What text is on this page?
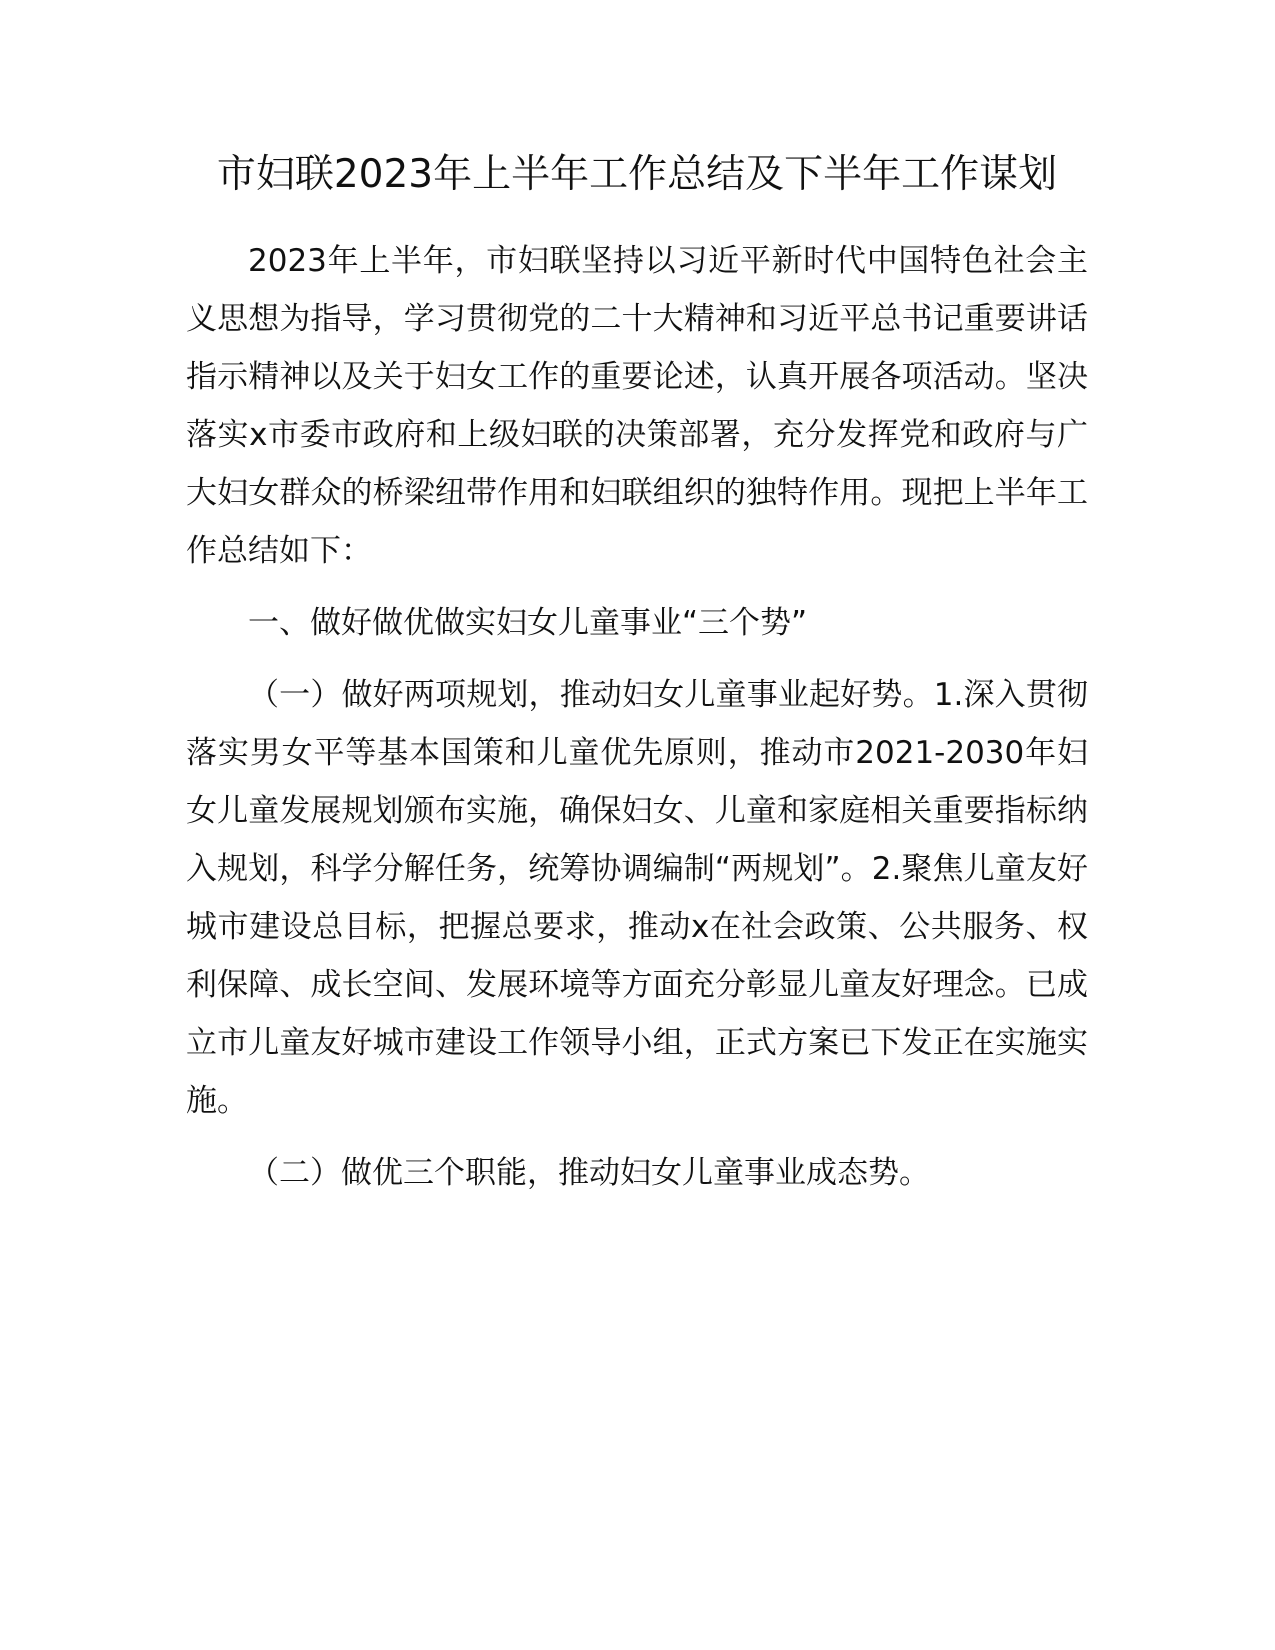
市妇联2023年上半年工作总结及下半年工作谋划

2023年上半年，市妇联坚持以习近平新时代中国特色社会主义思想为指导，学习贯彻党的二十大精神和习近平总书记重要讲话指示精神以及关于妇女工作的重要论述，认真开展各项活动。坚决落实x市委市政府和上级妇联的决策部署，充分发挥党和政府与广大妇女群众的桥梁纽带作用和妇联组织的独特作用。现把上半年工作总结如下：

一、做好做优做实妇女儿童事业“三个势”

（一）做好两项规划，推动妇女儿童事业起好势。1.深入贯彻落实男女平等基本国策和儿童优先原则，推动市2021-2030年妇女儿童发展规划颁布实施，确保妇女、儿童和家庭相关重要指标纳入规划，科学分解任务，统筹协调编制“两规划”。2.聚焦儿童友好城市建设总目标，把握总要求，推动x在社会政策、公共服务、权利保障、成长空间、发展环境等方面充分彰显儿童友好理念。已成立市儿童友好城市建设工作领导小组，正式方案已下发正在实施实施。

（二）做优三个职能，推动妇女儿童事业成态势。
